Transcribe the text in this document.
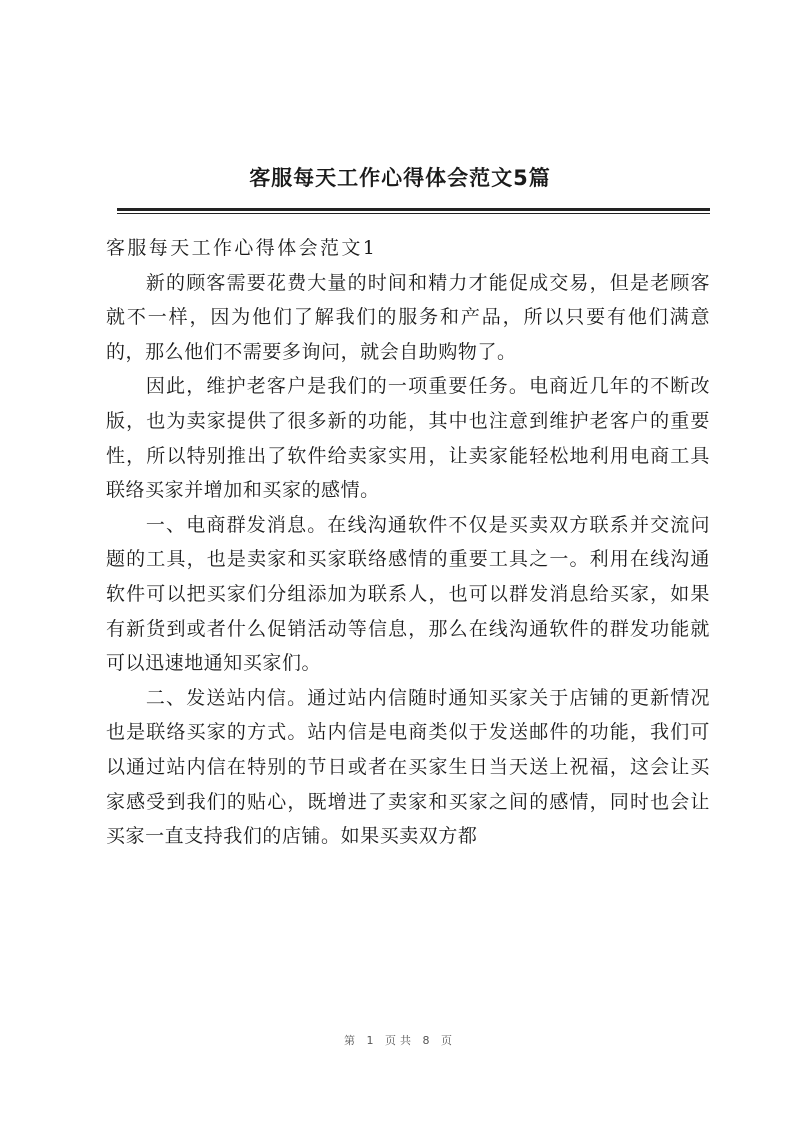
客服每天工作心得体会范文5篇

客服每天工作心得体会范文1

新的顾客需要花费大量的时间和精力才能促成交易，但是老顾客就不一样，因为他们了解我们的服务和产品，所以只要有他们满意的，那么他们不需要多询问，就会自助购物了。

因此，维护老客户是我们的一项重要任务。电商近几年的不断改版，也为卖家提供了很多新的功能，其中也注意到维护老客户的重要性，所以特别推出了软件给卖家实用，让卖家能轻松地利用电商工具联络买家并增加和买家的感情。

一、电商群发消息。在线沟通软件不仅是买卖双方联系并交流问题的工具，也是卖家和买家联络感情的重要工具之一。利用在线沟通软件可以把买家们分组添加为联系人，也可以群发消息给买家，如果有新货到或者什么促销活动等信息，那么在线沟通软件的群发功能就可以迅速地通知买家们。

二、发送站内信。通过站内信随时通知买家关于店铺的更新情况也是联络买家的方式。站内信是电商类似于发送邮件的功能，我们可以通过站内信在特别的节日或者在买家生日当天送上祝福，这会让买家感受到我们的贴心，既增进了卖家和买家之间的感情，同时也会让买家一直支持我们的店铺。如果买卖双方都

第 1 页共 8 页
